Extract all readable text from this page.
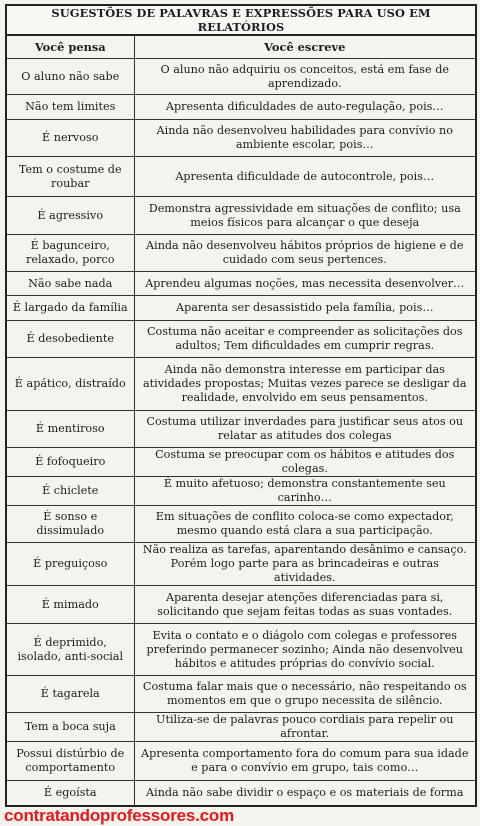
SUGESTÕES DE PALAVRAS E EXPRESSÕES PARA USO EM RELATÓRIOS	
Você pensa	Você escreve
O aluno não sabe	O aluno não adquiriu os conceitos, está em fase de aprendizado.
Não tem limites	Apresenta dificuldades de auto-regulação, pois…
É nervoso	Ainda não desenvolveu habilidades para convívio no ambiente escolar, pois…
Tem o costume de roubar	Apresenta dificuldade de autocontrole, pois…
É agressivo	Demonstra agressividade em situações de conflito; usa meios físicos para alcançar o que deseja
É bagunceiro, relaxado, porco	Ainda não desenvolveu hábitos próprios de higiene e de cuidado com seus pertences.
Não sabe nada	Aprendeu algumas noções, mas necessita desenvolver…
É largado da família	Aparenta ser desassistido pela família, pois…
É desobediente	Costuma não aceitar e compreender as solicitações dos adultos; Tem dificuldades em cumprir regras.
É apático, distraído	Ainda não demonstra interesse em participar das atividades propostas; Muitas vezes parece se desligar da realidade, envolvido em seus pensamentos.
É mentiroso	Costuma utilizar inverdades para justificar seus atos ou relatar as atitudes dos colegas
É fofoqueiro	Costuma se preocupar com os hábitos e atitudes dos colegas.
É chiclete	É muito afetuoso; demonstra constantemente seu carinho…
É sonso e dissimulado	Em situações de conflito coloca-se como expectador, mesmo quando está clara a sua participação.
É preguiçoso	Não realiza as tarefas, aparentando desânimo e cansaço. Porém logo parte para as brincadeiras e outras atividades.
É mimado	Aparenta desejar atenções diferenciadas para si, solicitando que sejam feitas todas as suas vontades.
É deprimido, isolado, anti-social	Evita o contato e o diágolo com colegas e professores preferindo permanecer sozinho; Ainda não desenvolveu hábitos e atitudes próprias do convívio social.
É tagarela	Costuma falar mais que o necessário, não respeitando os momentos em que o grupo necessita de silêncio.
Tem a boca suja	Utiliza-se de palavras pouco cordiais para repelir ou afrontar.
Possui distúrbio de comportamento	Apresenta comportamento fora do comum para sua idade e para o convívio em grupo, tais como…
É egoísta	Ainda não sabe dividir o espaço e os materiais de forma
contratandoprofessores.com
